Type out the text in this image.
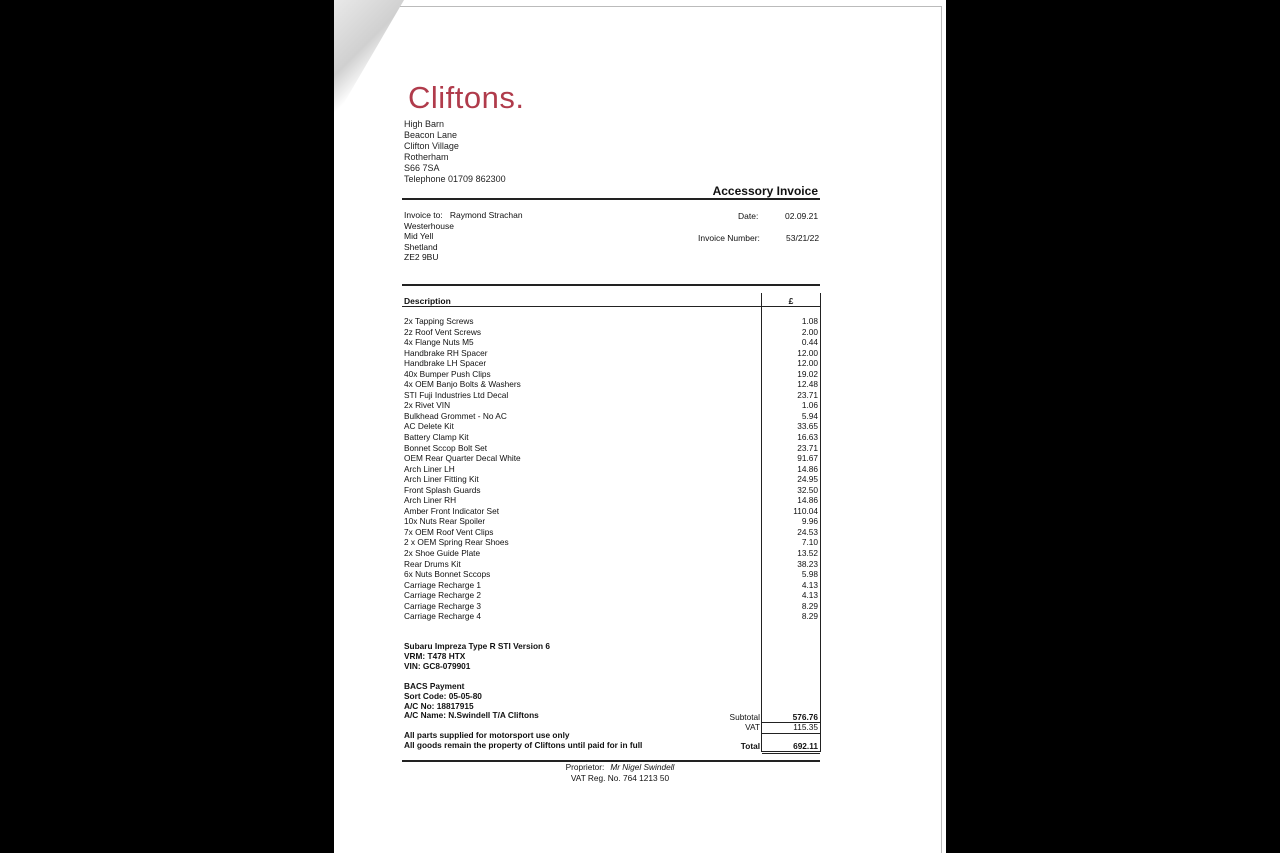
Cliftons.
High Barn
Beacon Lane
Clifton Village
Rotherham
S66 7SA
Telephone 01709 862300
Accessory Invoice
Invoice to: Raymond Strachan
Westerhouse
Mid Yell
Shetland
ZE2 9BU
Date:	02.09.21
Invoice Number:	53/21/22
Description	£
2x Tapping Screws	1.08
2z Roof Vent Screws	2.00
4x Flange Nuts M5	0.44
Handbrake RH Spacer	12.00
Handbrake LH Spacer	12.00
40x Bumper Push Clips	19.02
4x OEM Banjo Bolts & Washers	12.48
STI Fuji Industries Ltd Decal	23.71
2x Rivet VIN	1.06
Bulkhead Grommet - No AC	5.94
AC Delete Kit	33.65
Battery Clamp Kit	16.63
Bonnet Sccop Bolt Set	23.71
OEM Rear Quarter Decal White	91.67
Arch Liner LH	14.86
Arch Liner Fitting Kit	24.95
Front Splash Guards	32.50
Arch Liner RH	14.86
Amber Front Indicator Set	110.04
10x Nuts Rear Spoiler	9.96
7x OEM Roof Vent Clips	24.53
2 x OEM Spring Rear Shoes	7.10
2x Shoe Guide Plate	13.52
Rear Drums Kit	38.23
6x Nuts Bonnet Sccops	5.98
Carriage Recharge 1	4.13
Carriage Recharge 2	4.13
Carriage Recharge 3	8.29
Carriage Recharge 4	8.29
Subaru Impreza Type R STI Version 6
VRM: T478 HTX
VIN: GC8-079901
BACS Payment
Sort Code: 05-05-80
A/C No: 18817915
A/C Name: N.Swindell T/A Cliftons
All parts supplied for motorsport use only
All goods remain the property of Cliftons until paid for in full
Subtotal	576.76
VAT	115.35
Total	692.11
Proprietor: Mr Nigel Swindell
VAT Reg. No. 764 1213 50
